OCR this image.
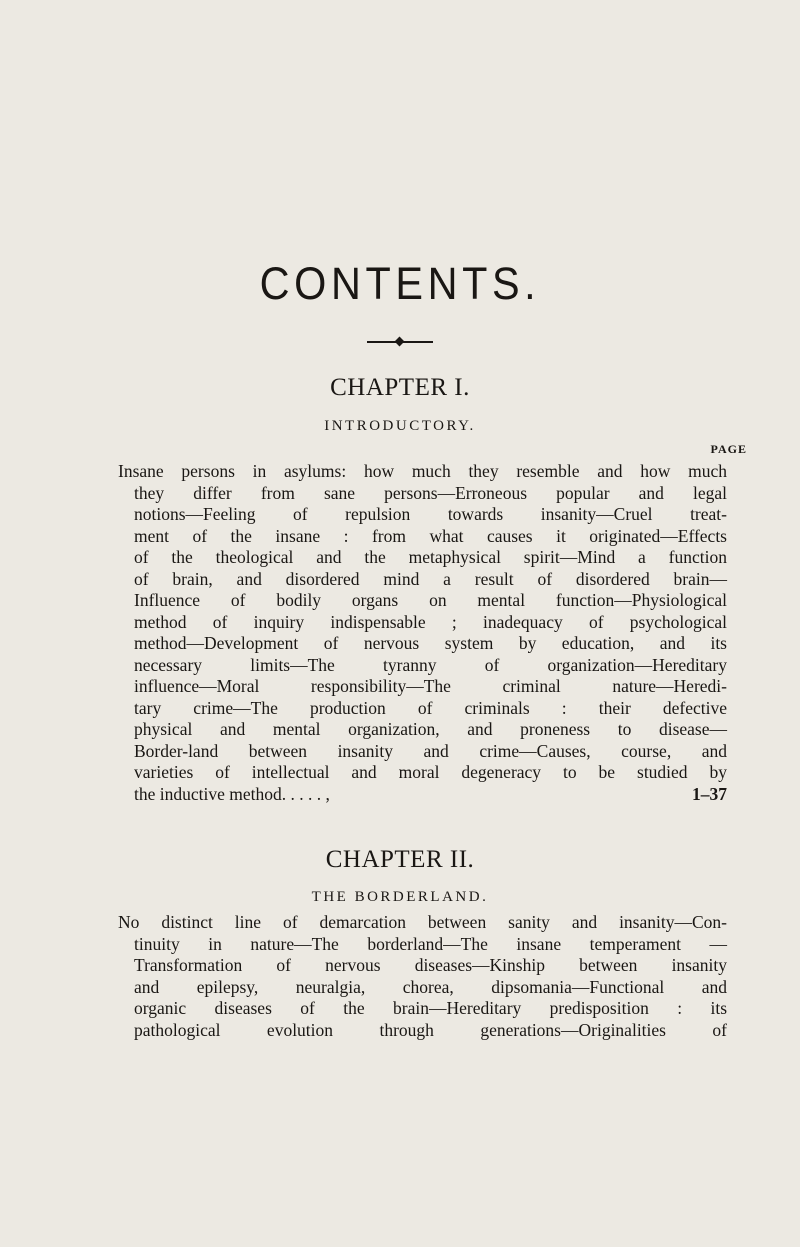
CONTENTS.
CHAPTER I.
INTRODUCTORY.
PAGE
Insane persons in asylums: how much they resemble and how much
they differ from sane persons—Erroneous popular and legal
notions—Feeling of repulsion towards insanity—Cruel treat-
ment of the insane : from what causes it originated—Effects
of the theological and the metaphysical spirit—Mind a function
of brain, and disordered mind a result of disordered brain—
Influence of bodily organs on mental function—Physiological
method of inquiry indispensable ; inadequacy of psychological
method—Development of nervous system by education, and its
necessary limits—The tyranny of organization—Hereditary
influence—Moral responsibility—The criminal nature—Heredi-
tary crime—The production of criminals : their defective
physical and mental organization, and proneness to disease—
Border-land between insanity and crime—Causes, course, and
varieties of intellectual and moral degeneracy to be studied by
the inductive method. . . . . ,	1–37
CHAPTER II.
THE BORDERLAND.
No distinct line of demarcation between sanity and insanity—Con-
tinuity in nature—The borderland—The insane temperament —
Transformation of nervous diseases—Kinship between insanity
and epilepsy, neuralgia, chorea, dipsomania—Functional and
organic diseases of the brain—Hereditary predisposition : its
pathological evolution through generations—Originalities of
